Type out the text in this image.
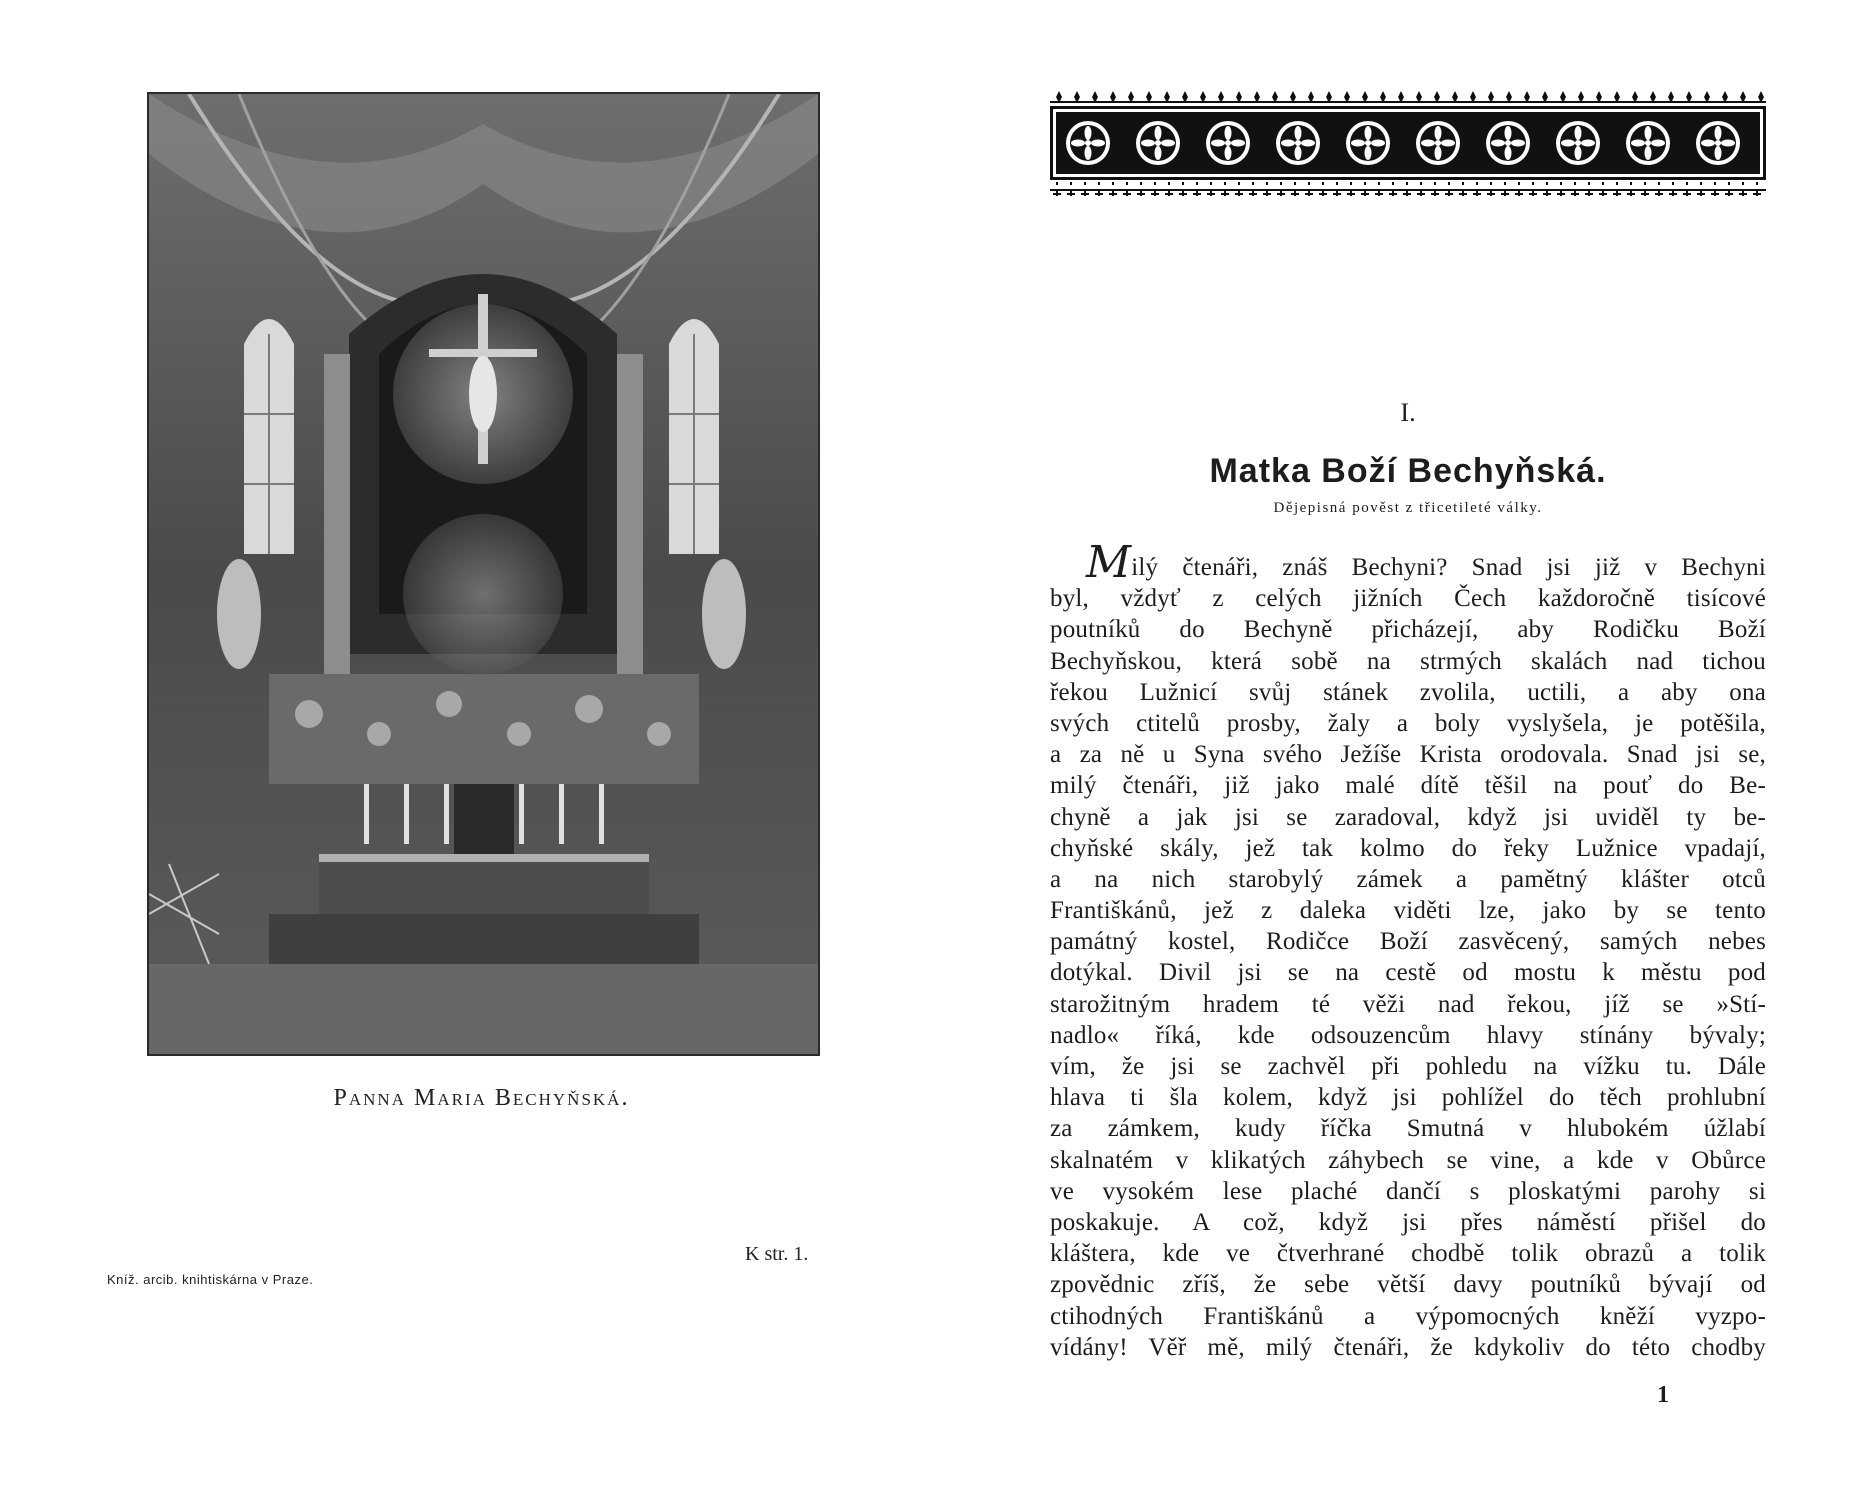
Panna Maria Bechyňská.
K str. 1.
Kníž. arcib. knihtiskárna v Praze.
I.
Matka Boží Bechyňská.
Dějepisná pověst z třicetileté války.
Milý čtenáři, znáš Bechyni? Snad jsi již v Bechyni
byl, vždyť z celých jižních Čech každoročně tisícové
poutníků do Bechyně přicházejí, aby Rodičku Boží
Bechyňskou, která sobě na strmých skalách nad tichou
řekou Lužnicí svůj stánek zvolila, uctili, a aby ona
svých ctitelů prosby, žaly a boly vyslyšela, je potěšila,
a za ně u Syna svého Ježíše Krista orodovala. Snad jsi se,
milý čtenáři, již jako malé dítě těšil na pouť do Be-
chyně a jak jsi se zaradoval, když jsi uviděl ty be-
chyňské skály, jež tak kolmo do řeky Lužnice vpadají,
a na nich starobylý zámek a pamětný klášter otců
Františkánů, jež z daleka viděti lze, jako by se tento
památný kostel, Rodičce Boží zasvěcený, samých nebes
dotýkal. Divil jsi se na cestě od mostu k městu pod
starožitným hradem té věži nad řekou, jíž se »Stí-
nadlo« říká, kde odsouzencům hlavy stínány bývaly;
vím, že jsi se zachvěl při pohledu na vížku tu. Dále
hlava ti šla kolem, když jsi pohlížel do těch prohlubní
za zámkem, kudy říčka Smutná v hlubokém úžlabí
skalnatém v klikatých záhybech se vine, a kde v Obůrce
ve vysokém lese plaché dančí s ploskatými parohy si
poskakuje. A což, když jsi přes náměstí přišel do
kláštera, kde ve čtverhrané chodbě tolik obrazů a tolik
zpovědnic zříš, že sebe větší davy poutníků bývají od
ctihodných Františkánů a výpomocných kněží vyzpo-
vídány! Věř mě, milý čtenáři, že kdykoliv do této chodby
1
